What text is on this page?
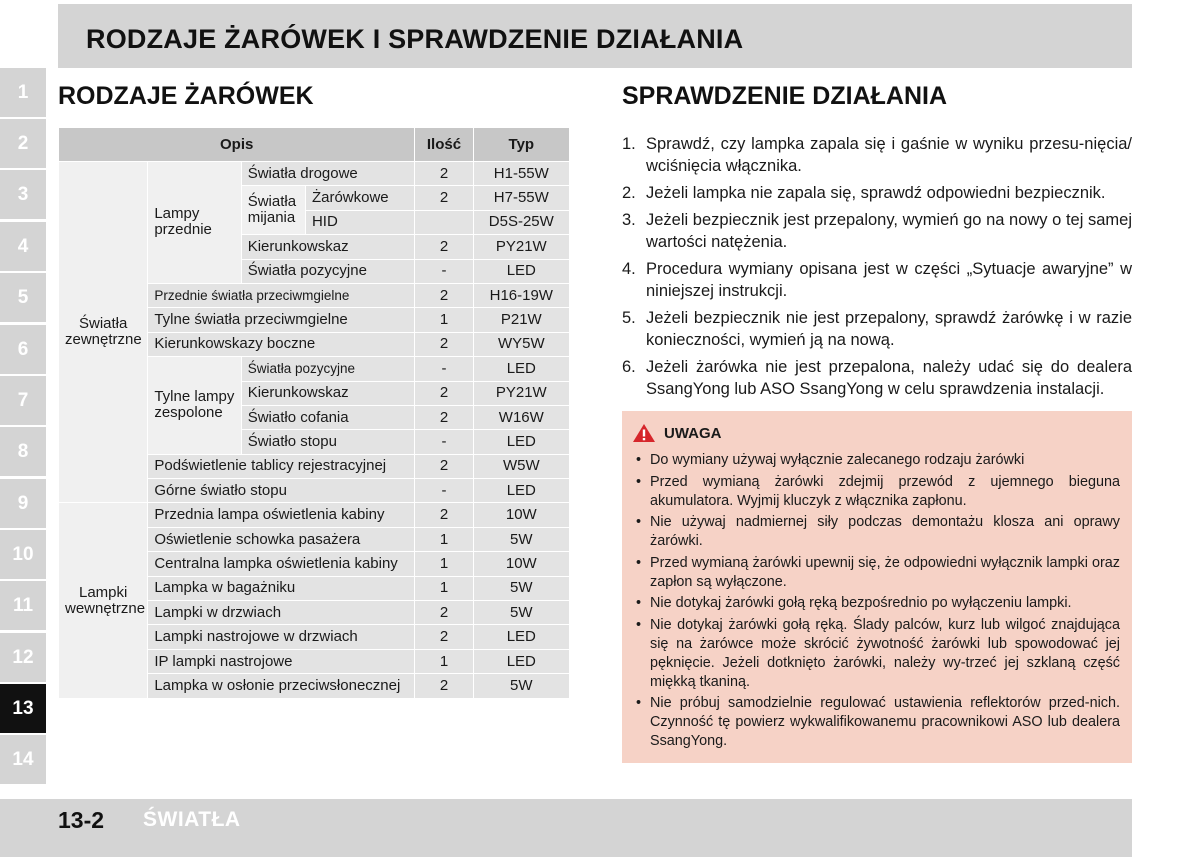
RODZAJE ŻARÓWEK I SPRAWDZENIE DZIAŁANIA
1
2
3
4
5
6
7
8
9
10
11
12
13
14
RODZAJE ŻARÓWEK
Opis				Ilość	Typ
Światła zewnętrzne	Lampy przednie	Światła drogowe		2	H1-55W
		Światła mijania	Żarówkowe	2	H7-55W
			HID		D5S-25W
		Kierunkowskaz		2	PY21W
		Światła pozycyjne		-	LED
	Przednie światła przeciwmgielne			2	H16-19W
	Tylne światła przeciwmgielne			1	P21W
	Kierunkowskazy boczne			2	WY5W
	Tylne lampy zespolone	Światła pozycyjne		-	LED
		Kierunkowskaz		2	PY21W
		Światło cofania		2	W16W
		Światło stopu		-	LED
	Podświetlenie tablicy rejestracyjnej			2	W5W
	Górne światło stopu			-	LED
Lampki wewnętrzne	Przednia lampa oświetlenia kabiny			2	10W
	Oświetlenie schowka pasażera			1	5W
	Centralna lampka oświetlenia kabiny			1	10W
	Lampka w bagażniku			1	5W
	Lampki w drzwiach			2	5W
	Lampki nastrojowe w drzwiach			2	LED
	IP lampki nastrojowe			1	LED
	Lampka w osłonie przeciwsłonecznej			2	5W
SPRAWDZENIE DZIAŁANIA
1. Sprawdź, czy lampka zapala się i gaśnie w wyniku przesu-nięcia/ wciśnięcia włącznika.
2. Jeżeli lampka nie zapala się, sprawdź odpowiedni bezpiecznik.
3. Jeżeli bezpiecznik jest przepalony, wymień go na nowy o tej samej wartości natężenia.
4. Procedura wymiany opisana jest w części „Sytuacje awaryjne” w niniejszej instrukcji.
5. Jeżeli bezpiecznik nie jest przepalony, sprawdź żarówkę i w razie konieczności, wymień ją na nową.
6. Jeżeli żarówka nie jest przepalona, należy udać się do dealera SsangYong lub ASO SsangYong w celu sprawdzenia instalacji.
UWAGA
• Do wymiany używaj wyłącznie zalecanego rodzaju żarówki
• Przed wymianą żarówki zdejmij przewód z ujemnego bieguna akumulatora. Wyjmij kluczyk z włącznika zapłonu.
• Nie używaj nadmiernej siły podczas demontażu klosza ani oprawy żarówki.
• Przed wymianą żarówki upewnij się, że odpowiedni wyłącznik lampki oraz zapłon są wyłączone.
• Nie dotykaj żarówki gołą ręką bezpośrednio po wyłączeniu lampki.
• Nie dotykaj żarówki gołą ręką. Ślady palców, kurz lub wilgoć znajdująca się na żarówce może skrócić żywotność żarówki lub spowodować jej pęknięcie. Jeżeli dotknięto żarówki, należy wy-trzeć jej szklaną część miękką tkaniną.
• Nie próbuj samodzielnie regulować ustawienia reflektorów przed-nich. Czynność tę powierz wykwalifikowanemu pracownikowi ASO lub dealera SsangYong.
13-2 ŚWIATŁA
